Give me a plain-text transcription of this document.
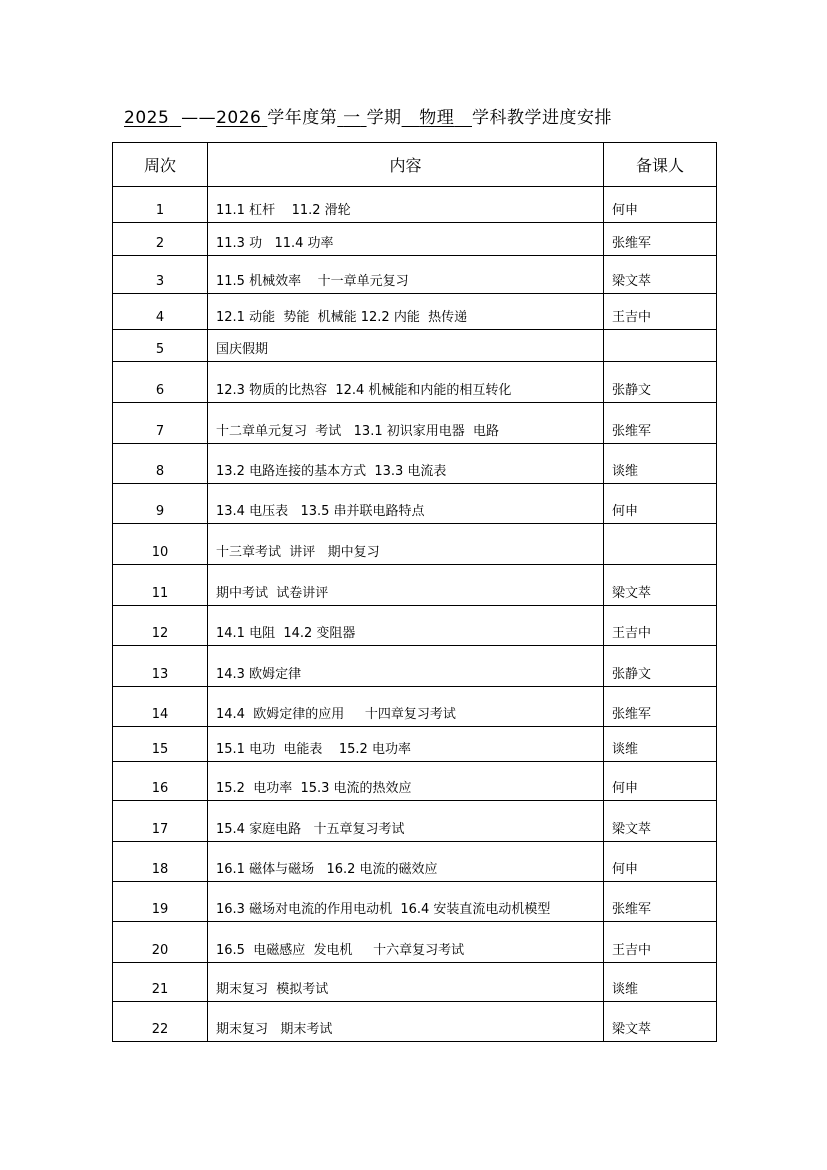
2025 ——2026 学年度第 一 学期 物理 学科教学进度安排
周次	内容	备课人
1	11.1 杠杆    11.2 滑轮	何申
2	11.3 功   11.4 功率	张维军
3	11.5 机械效率    十一章单元复习	梁文萃
4	12.1 动能  势能  机械能 12.2 内能  热传递	王吉中
5	国庆假期	
6	12.3 物质的比热容  12.4 机械能和内能的相互转化	张静文
7	十二章单元复习  考试   13.1 初识家用电器  电路	张维军
8	13.2 电路连接的基本方式  13.3 电流表	谈维
9	13.4 电压表   13.5 串并联电路特点	何申
10	十三章考试  讲评   期中复习	
11	期中考试  试卷讲评	梁文萃
12	14.1 电阻  14.2 变阻器	王吉中
13	14.3 欧姆定律	张静文
14	14.4  欧姆定律的应用     十四章复习考试	张维军
15	15.1 电功  电能表    15.2 电功率	谈维
16	15.2  电功率  15.3 电流的热效应	何申
17	15.4 家庭电路   十五章复习考试	梁文萃
18	16.1 磁体与磁场   16.2 电流的磁效应	何申
19	16.3 磁场对电流的作用电动机  16.4 安装直流电动机模型	张维军
20	16.5  电磁感应  发电机     十六章复习考试	王吉中
21	期末复习  模拟考试	谈维
22	期末复习   期末考试	梁文萃
